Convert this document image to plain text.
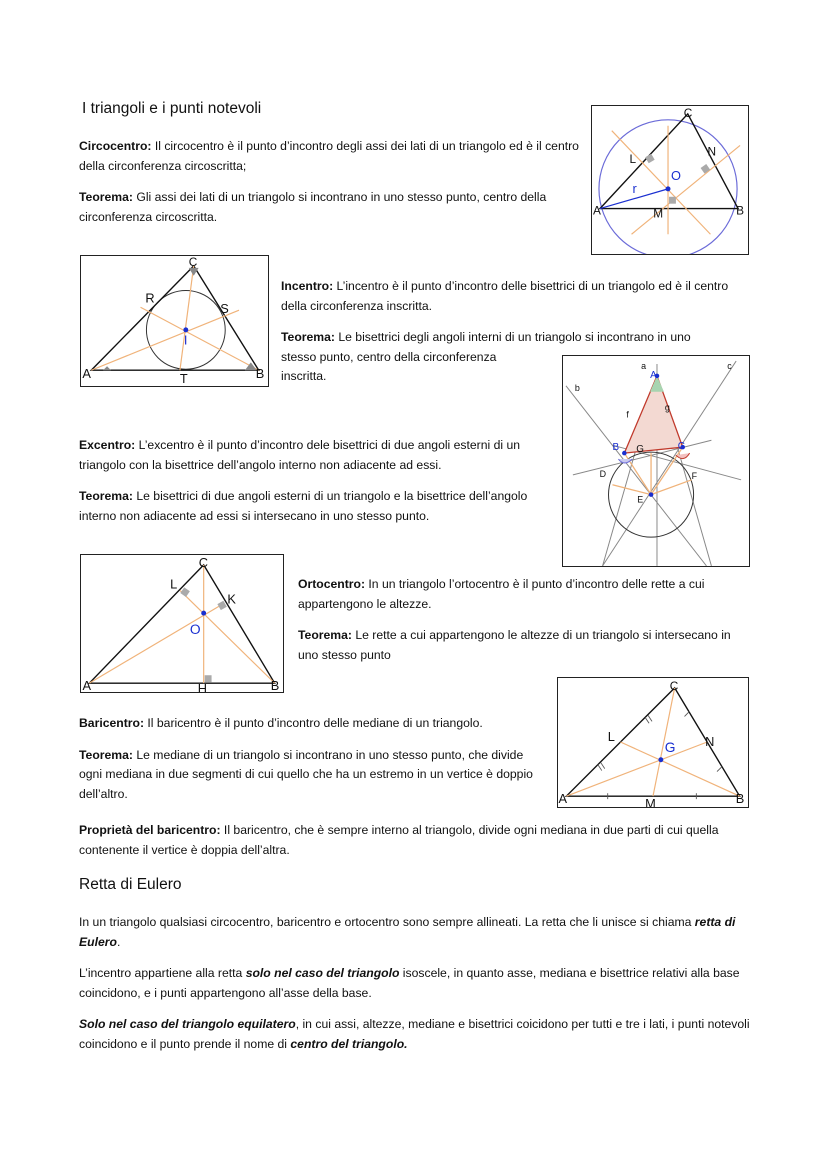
I triangoli e i punti notevoli

Circocentro: Il circocentro è il punto d’incontro degli assi dei lati di un triangolo ed è il centro della circonferenza circoscritta;

Teorema: Gli assi dei lati di un triangolo si incontrano in uno stesso punto, centro della circonferenza circoscritta.

C
L
N
O
r
M
A	B
C
R
S
I
A	T	B

Incentro: L’incentro è il punto d’incontro delle bisettrici di un triangolo ed è il centro della circonferenza inscritta.

Teorema: Le bisettrici degli angoli interni di un triangolo si incontrano in uno
stesso punto, centro della circonferenza
inscritta.

a	c
b
A
f
g
B G	C
D	F
E

Excentro: L’excentro è il punto d’incontro dele bisettrici di due angoli esterni di un triangolo con la bisettrice dell’angolo interno non adiacente ad essi.

Teorema: Le bisettrici di due angoli esterni di un triangolo e la bisettrice dell’angolo interno non adiacente ad essi si intersecano in uno stesso punto.

C
L
K
O
A	H	B

Ortocentro: In un triangolo l’ortocentro è il punto d’incontro delle rette a cui appartengono le altezze.

Teorema: Le rette a cui appartengono le altezze di un triangolo si intersecano in uno stesso punto

C
L	N
G
A	M	B

Baricentro: Il baricentro è il punto d’incontro delle mediane di un triangolo.

Teorema: Le mediane di un triangolo si incontrano in uno stesso punto, che divide ogni mediana in due segmenti di cui quello che ha un estremo in un vertice è doppio dell’altro.

Proprietà del baricentro: Il baricentro, che è sempre interno al triangolo, divide ogni mediana in due parti di cui quella contenente il vertice è doppia dell’altra.

Retta di Eulero

In un triangolo qualsiasi circocentro, baricentro e ortocentro sono sempre allineati. La retta che li unisce si chiama retta di Eulero.

L’incentro appartiene alla retta solo nel caso del triangolo isoscele, in quanto asse, mediana e bisettrice relativi alla base coincidono, e i punti appartengono all’asse della base.

Solo nel caso del triangolo equilatero, in cui assi, altezze, mediane e bisettrici coicidono per tutti e tre i lati, i punti notevoli coincidono e il punto prende il nome di centro del triangolo.
